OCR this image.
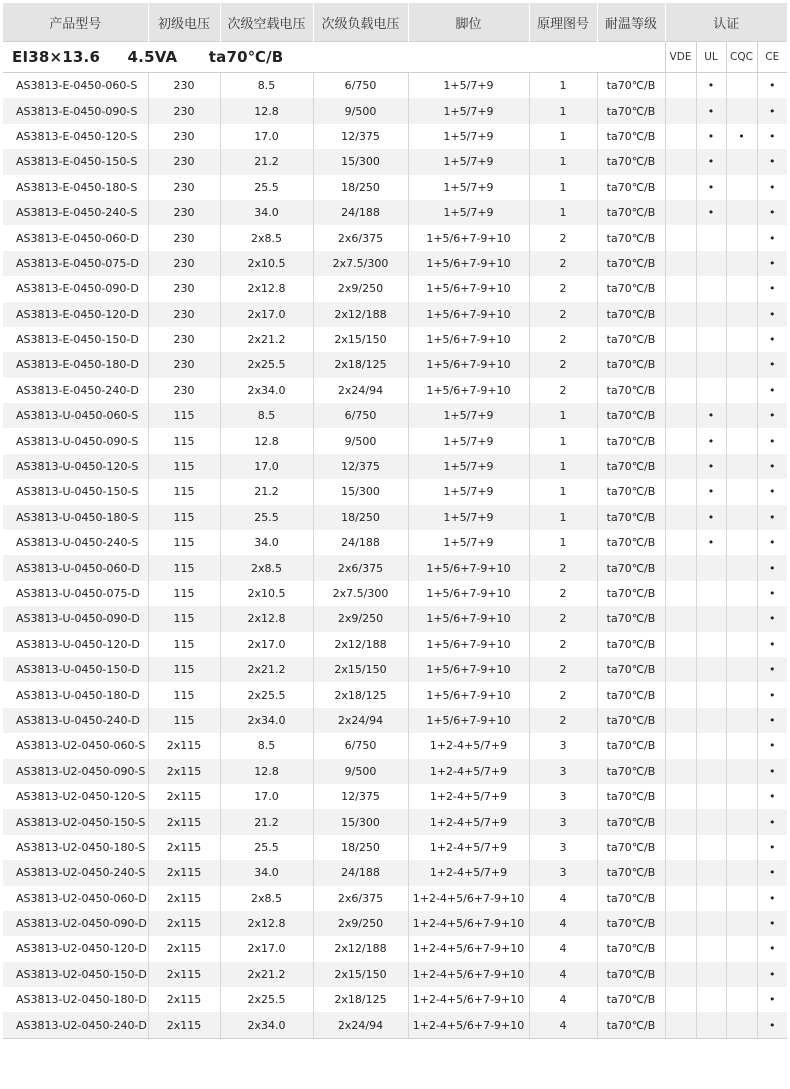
产品型号	初级电压	次级空载电压	次级负载电压	脚位	原理图号	耐温等级	认证			
EI38×13.6 4.5VA ta70℃/B							VDE	UL	CQC	CE
AS3813-E-0450-060-S	230	8.5	6/750	1+5/7+9	1	ta70℃/B		•		•
AS3813-E-0450-090-S	230	12.8	9/500	1+5/7+9	1	ta70℃/B		•		•
AS3813-E-0450-120-S	230	17.0	12/375	1+5/7+9	1	ta70℃/B		•	•	•
AS3813-E-0450-150-S	230	21.2	15/300	1+5/7+9	1	ta70℃/B		•		•
AS3813-E-0450-180-S	230	25.5	18/250	1+5/7+9	1	ta70℃/B		•		•
AS3813-E-0450-240-S	230	34.0	24/188	1+5/7+9	1	ta70℃/B		•		•
AS3813-E-0450-060-D	230	2x8.5	2x6/375	1+5/6+7-9+10	2	ta70℃/B				•
AS3813-E-0450-075-D	230	2x10.5	2x7.5/300	1+5/6+7-9+10	2	ta70℃/B				•
AS3813-E-0450-090-D	230	2x12.8	2x9/250	1+5/6+7-9+10	2	ta70℃/B				•
AS3813-E-0450-120-D	230	2x17.0	2x12/188	1+5/6+7-9+10	2	ta70℃/B				•
AS3813-E-0450-150-D	230	2x21.2	2x15/150	1+5/6+7-9+10	2	ta70℃/B				•
AS3813-E-0450-180-D	230	2x25.5	2x18/125	1+5/6+7-9+10	2	ta70℃/B				•
AS3813-E-0450-240-D	230	2x34.0	2x24/94	1+5/6+7-9+10	2	ta70℃/B				•
AS3813-U-0450-060-S	115	8.5	6/750	1+5/7+9	1	ta70℃/B		•		•
AS3813-U-0450-090-S	115	12.8	9/500	1+5/7+9	1	ta70℃/B		•		•
AS3813-U-0450-120-S	115	17.0	12/375	1+5/7+9	1	ta70℃/B		•		•
AS3813-U-0450-150-S	115	21.2	15/300	1+5/7+9	1	ta70℃/B		•		•
AS3813-U-0450-180-S	115	25.5	18/250	1+5/7+9	1	ta70℃/B		•		•
AS3813-U-0450-240-S	115	34.0	24/188	1+5/7+9	1	ta70℃/B		•		•
AS3813-U-0450-060-D	115	2x8.5	2x6/375	1+5/6+7-9+10	2	ta70℃/B				•
AS3813-U-0450-075-D	115	2x10.5	2x7.5/300	1+5/6+7-9+10	2	ta70℃/B				•
AS3813-U-0450-090-D	115	2x12.8	2x9/250	1+5/6+7-9+10	2	ta70℃/B				•
AS3813-U-0450-120-D	115	2x17.0	2x12/188	1+5/6+7-9+10	2	ta70℃/B				•
AS3813-U-0450-150-D	115	2x21.2	2x15/150	1+5/6+7-9+10	2	ta70℃/B				•
AS3813-U-0450-180-D	115	2x25.5	2x18/125	1+5/6+7-9+10	2	ta70℃/B				•
AS3813-U-0450-240-D	115	2x34.0	2x24/94	1+5/6+7-9+10	2	ta70℃/B				•
AS3813-U2-0450-060-S	2x115	8.5	6/750	1+2-4+5/7+9	3	ta70℃/B				•
AS3813-U2-0450-090-S	2x115	12.8	9/500	1+2-4+5/7+9	3	ta70℃/B				•
AS3813-U2-0450-120-S	2x115	17.0	12/375	1+2-4+5/7+9	3	ta70℃/B				•
AS3813-U2-0450-150-S	2x115	21.2	15/300	1+2-4+5/7+9	3	ta70℃/B				•
AS3813-U2-0450-180-S	2x115	25.5	18/250	1+2-4+5/7+9	3	ta70℃/B				•
AS3813-U2-0450-240-S	2x115	34.0	24/188	1+2-4+5/7+9	3	ta70℃/B				•
AS3813-U2-0450-060-D	2x115	2x8.5	2x6/375	1+2-4+5/6+7-9+10	4	ta70℃/B				•
AS3813-U2-0450-090-D	2x115	2x12.8	2x9/250	1+2-4+5/6+7-9+10	4	ta70℃/B				•
AS3813-U2-0450-120-D	2x115	2x17.0	2x12/188	1+2-4+5/6+7-9+10	4	ta70℃/B				•
AS3813-U2-0450-150-D	2x115	2x21.2	2x15/150	1+2-4+5/6+7-9+10	4	ta70℃/B				•
AS3813-U2-0450-180-D	2x115	2x25.5	2x18/125	1+2-4+5/6+7-9+10	4	ta70℃/B				•
AS3813-U2-0450-240-D	2x115	2x34.0	2x24/94	1+2-4+5/6+7-9+10	4	ta70℃/B				•
